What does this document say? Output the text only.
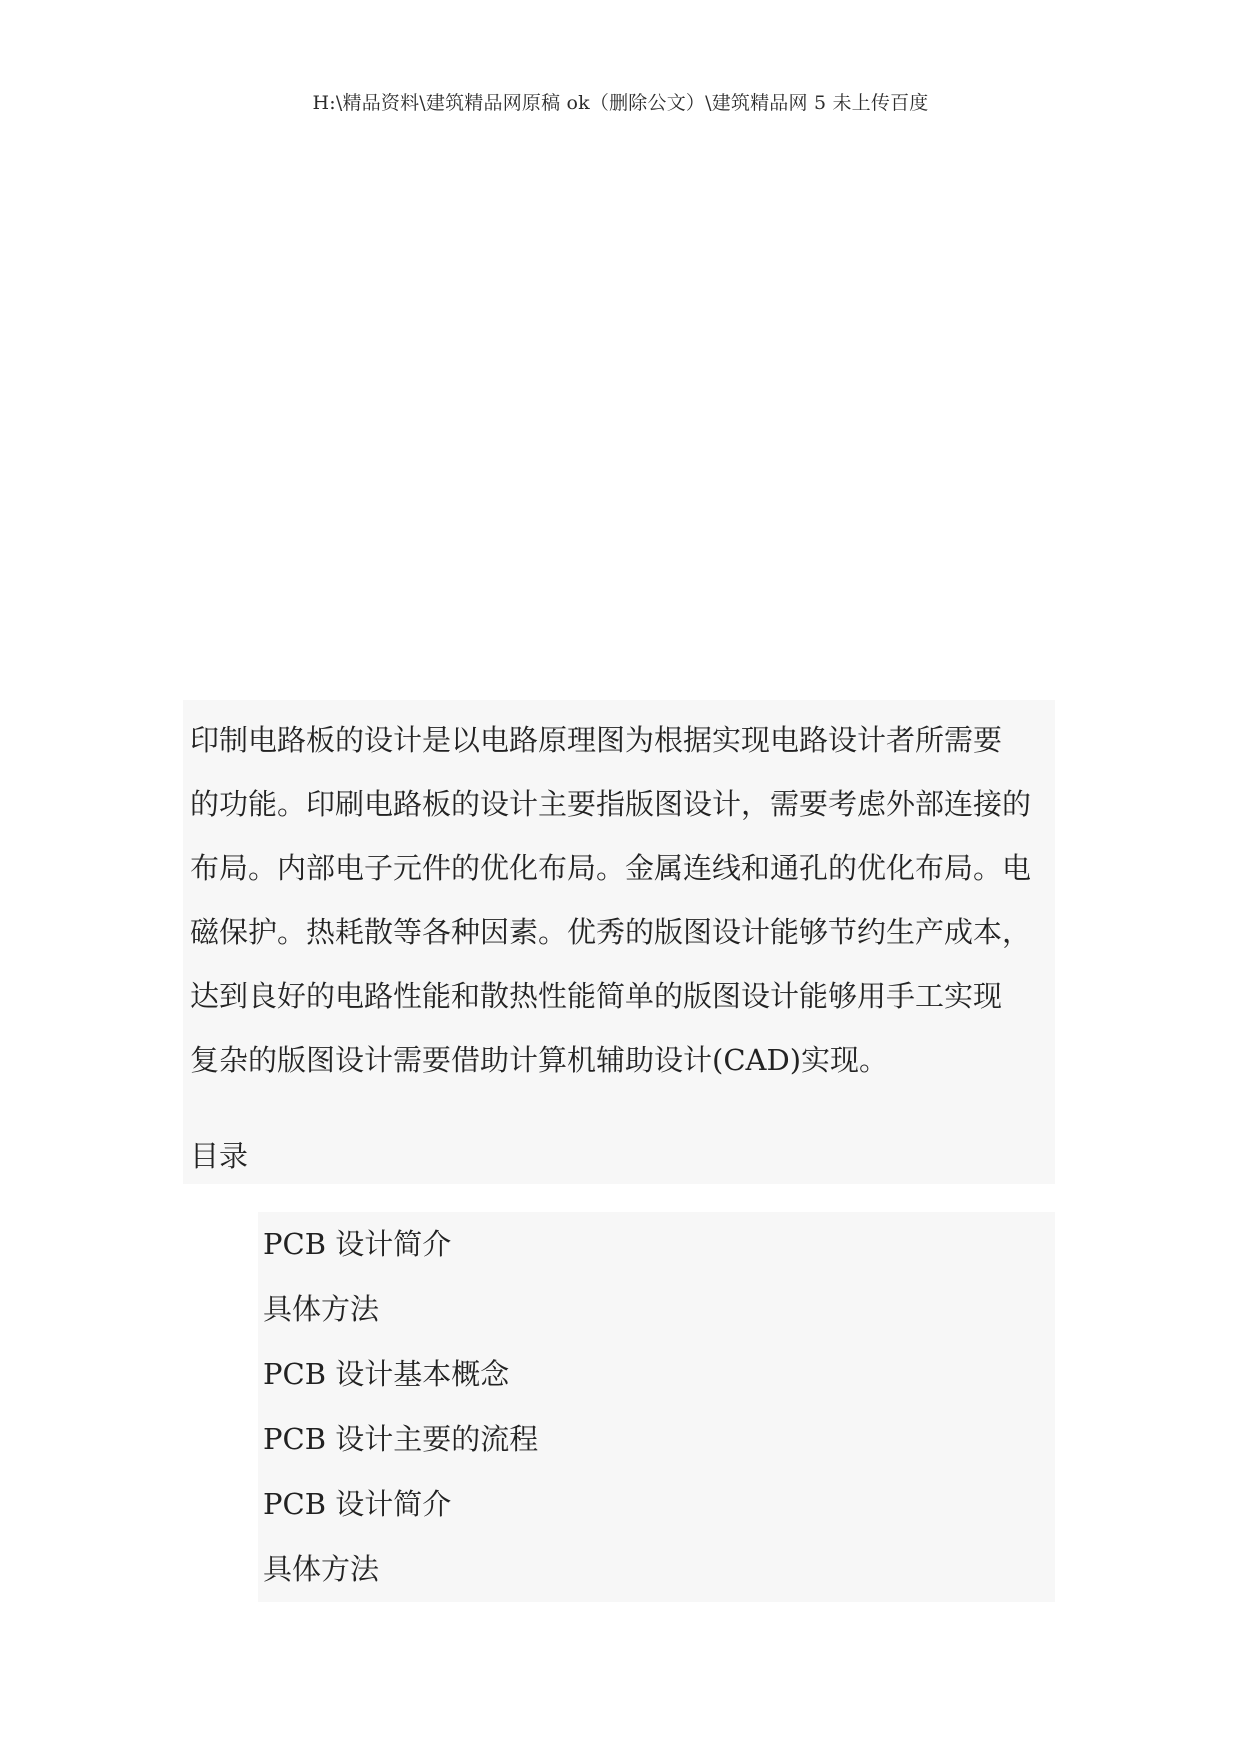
H:\精品资料\建筑精品网原稿 ok（删除公文）\建筑精品网 5 未上传百度

印制电路板的设计是以电路原理图为根据实现电路设计者所需要
的功能。印刷电路板的设计主要指版图设计，需要考虑外部连接的
布局。内部电子元件的优化布局。金属连线和通孔的优化布局。电
磁保护。热耗散等各种因素。优秀的版图设计能够节约生产成本，
达到良好的电路性能和散热性能简单的版图设计能够用手工实现
复杂的版图设计需要借助计算机辅助设计(CAD)实现。

目录
PCB 设计简介
具体方法
PCB 设计基本概念
PCB 设计主要的流程
PCB 设计简介
具体方法
